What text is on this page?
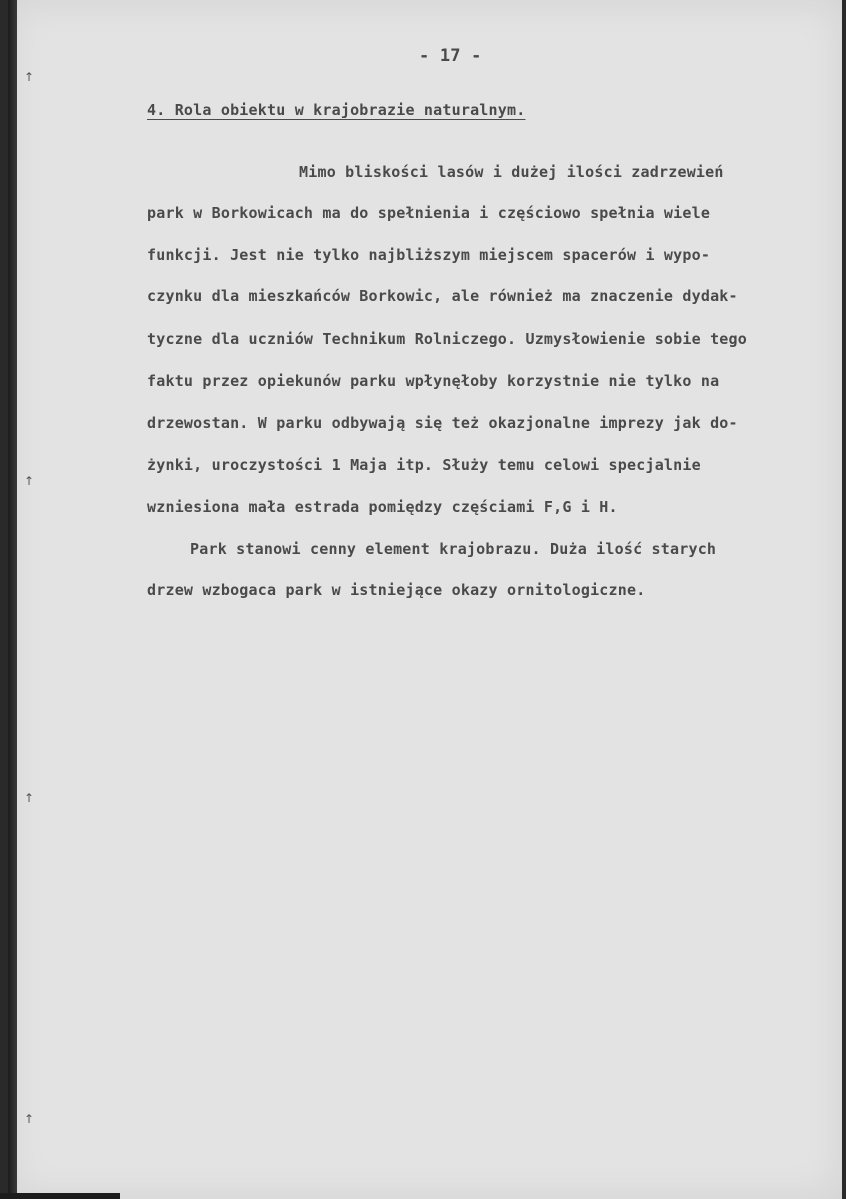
↑
↑
↑
↑
- 17 -
4. Rola obiektu w krajobrazie naturalnym.
Mimo bliskości lasów i dużej ilości zadrzewień
park w Borkowicach ma do spełnienia i częściowo spełnia wiele
funkcji. Jest nie tylko najbliższym miejscem spacerów i wypo-
czynku dla mieszkańców Borkowic, ale również ma znaczenie dydak-
tyczne dla uczniów Technikum Rolniczego. Uzmysłowienie sobie tego
faktu przez opiekunów parku wpłynęłoby korzystnie nie tylko na
drzewostan. W parku odbywają się też okazjonalne imprezy jak do-
żynki, uroczystości 1 Maja itp. Służy temu celowi specjalnie
wzniesiona mała estrada pomiędzy częściami F,G i H.
Park stanowi cenny element krajobrazu. Duża ilość starych
drzew wzbogaca park w istniejące okazy ornitologiczne.
